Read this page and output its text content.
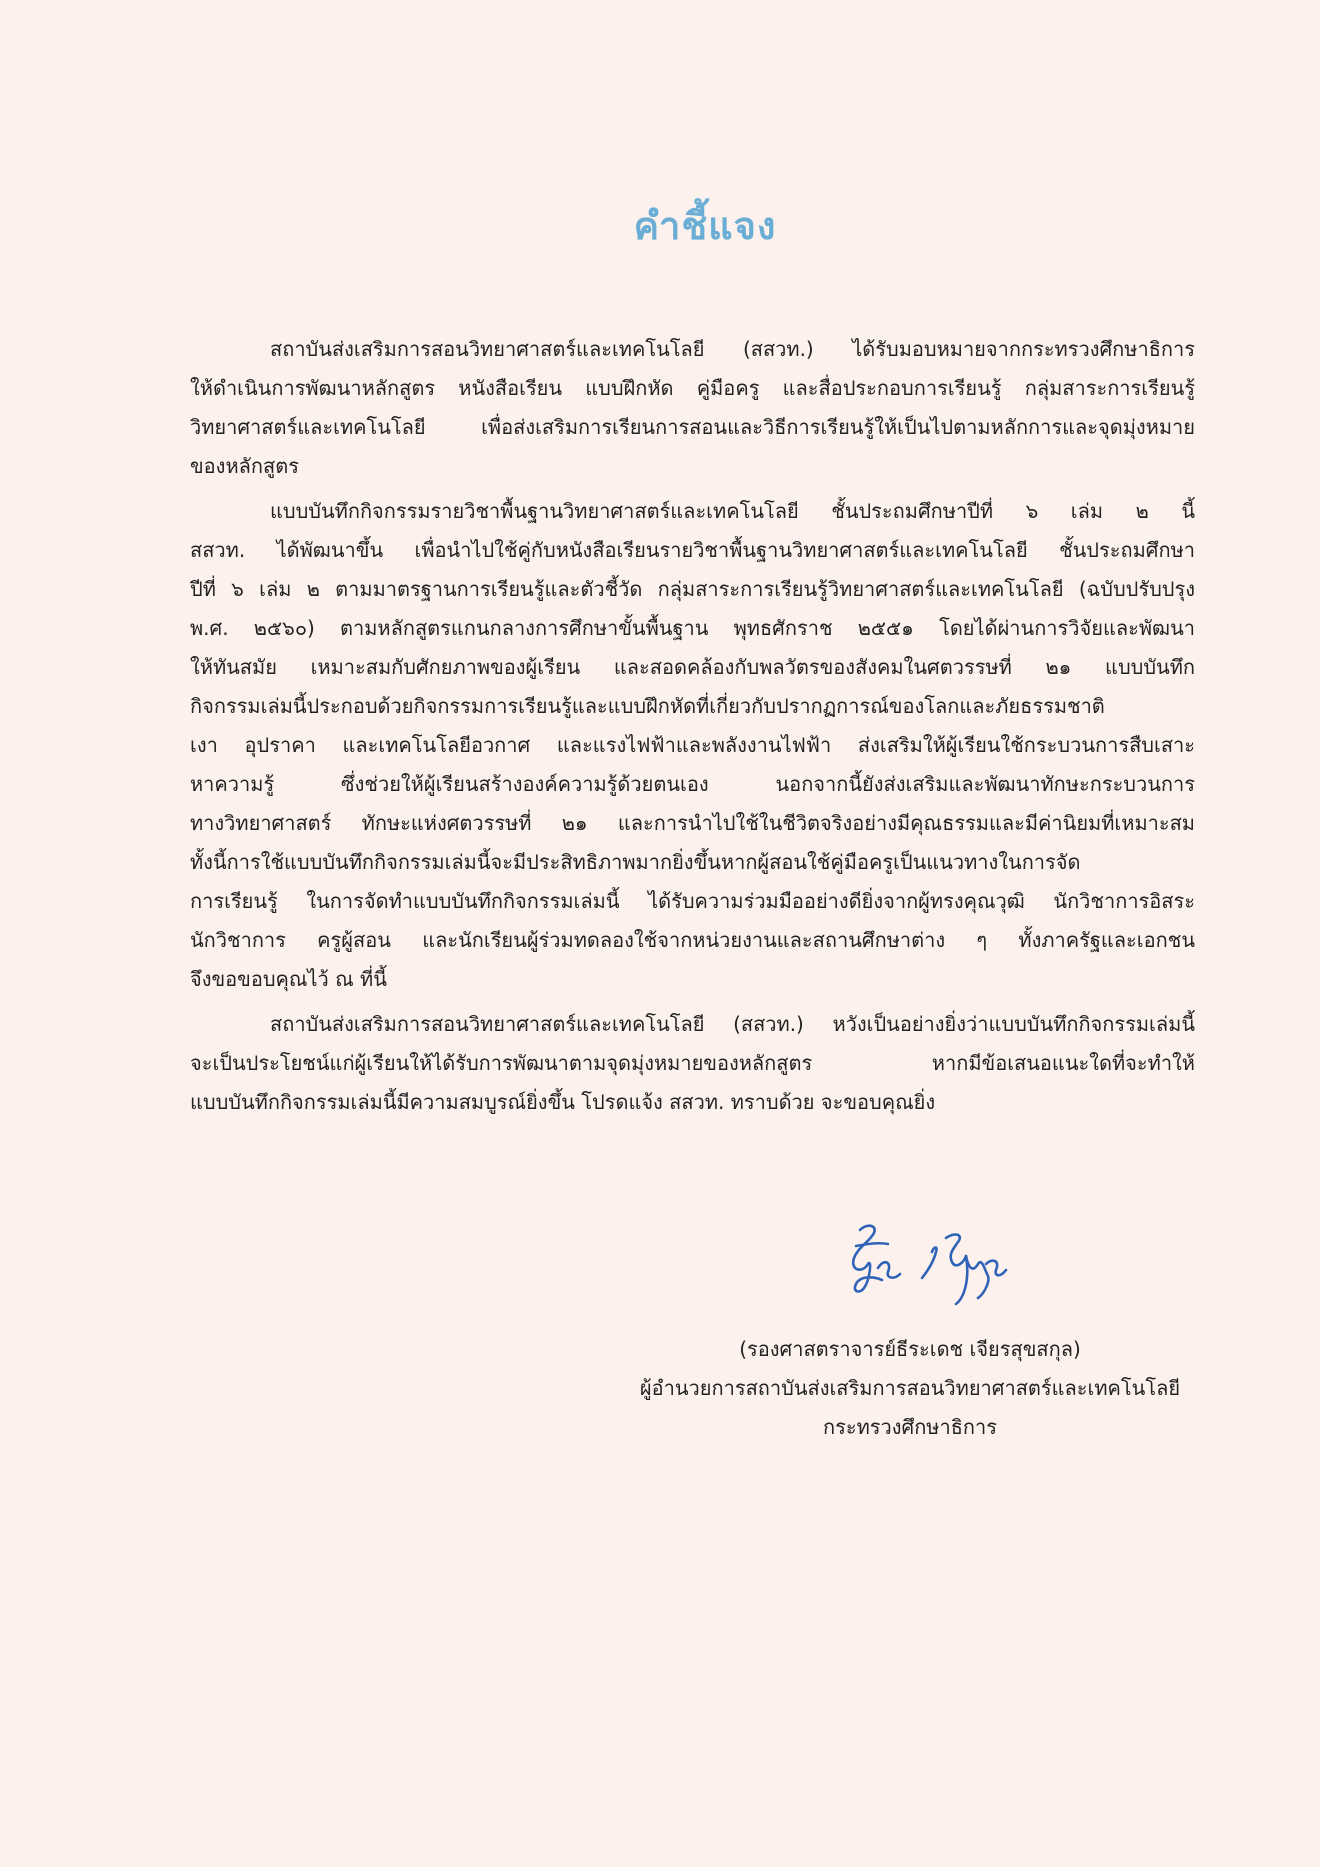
คำชี้แจง

สถาบันส่งเสริมการสอนวิทยาศาสตร์และเทคโนโลยี (สสวท.) ได้รับมอบหมายจากกระทรวงศึกษาธิการ
ให้ดำเนินการพัฒนาหลักสูตร หนังสือเรียน แบบฝึกหัด คู่มือครู และสื่อประกอบการเรียนรู้ กลุ่มสาระการเรียนรู้
วิทยาศาสตร์และเทคโนโลยี เพื่อส่งเสริมการเรียนการสอนและวิธีการเรียนรู้ให้เป็นไปตามหลักการและจุดมุ่งหมาย
ของหลักสูตร

แบบบันทึกกิจกรรมรายวิชาพื้นฐานวิทยาศาสตร์และเทคโนโลยี ชั้นประถมศึกษาปีที่ ๖ เล่ม ๒ นี้
สสวท. ได้พัฒนาขึ้น เพื่อนำไปใช้คู่กับหนังสือเรียนรายวิชาพื้นฐานวิทยาศาสตร์และเทคโนโลยี ชั้นประถมศึกษา
ปีที่ ๖ เล่ม ๒ ตามมาตรฐานการเรียนรู้และตัวชี้วัด กลุ่มสาระการเรียนรู้วิทยาศาสตร์และเทคโนโลยี (ฉบับปรับปรุง
พ.ศ. ๒๕๖๐) ตามหลักสูตรแกนกลางการศึกษาขั้นพื้นฐาน พุทธศักราช ๒๕๕๑ โดยได้ผ่านการวิจัยและพัฒนา
ให้ทันสมัย เหมาะสมกับศักยภาพของผู้เรียน และสอดคล้องกับพลวัตรของสังคมในศตวรรษที่ ๒๑ แบบบันทึก
กิจกรรมเล่มนี้ประกอบด้วยกิจกรรมการเรียนรู้และแบบฝึกหัดที่เกี่ยวกับปรากฏการณ์ของโลกและภัยธรรมชาติ
เงา อุปราคา และเทคโนโลยีอวกาศ และแรงไฟฟ้าและพลังงานไฟฟ้า ส่งเสริมให้ผู้เรียนใช้กระบวนการสืบเสาะ
หาความรู้ ซึ่งช่วยให้ผู้เรียนสร้างองค์ความรู้ด้วยตนเอง นอกจากนี้ยังส่งเสริมและพัฒนาทักษะกระบวนการ
ทางวิทยาศาสตร์ ทักษะแห่งศตวรรษที่ ๒๑ และการนำไปใช้ในชีวิตจริงอย่างมีคุณธรรมและมีค่านิยมที่เหมาะสม
ทั้งนี้การใช้แบบบันทึกกิจกรรมเล่มนี้จะมีประสิทธิภาพมากยิ่งขึ้นหากผู้สอนใช้คู่มือครูเป็นแนวทางในการจัด
การเรียนรู้ ในการจัดทำแบบบันทึกกิจกรรมเล่มนี้ ได้รับความร่วมมืออย่างดียิ่งจากผู้ทรงคุณวุฒิ นักวิชาการอิสระ
นักวิชาการ ครูผู้สอน และนักเรียนผู้ร่วมทดลองใช้จากหน่วยงานและสถานศึกษาต่าง ๆ ทั้งภาครัฐและเอกชน
จึงขอขอบคุณไว้ ณ ที่นี้

สถาบันส่งเสริมการสอนวิทยาศาสตร์และเทคโนโลยี (สสวท.) หวังเป็นอย่างยิ่งว่าแบบบันทึกกิจกรรมเล่มนี้
จะเป็นประโยชน์แก่ผู้เรียนให้ได้รับการพัฒนาตามจุดมุ่งหมายของหลักสูตร หากมีข้อเสนอแนะใดที่จะทำให้
แบบบันทึกกิจกรรมเล่มนี้มีความสมบูรณ์ยิ่งขึ้น โปรดแจ้ง สสวท. ทราบด้วย จะขอบคุณยิ่ง

(รองศาสตราจารย์ธีระเดช เจียรสุขสกุล)
ผู้อำนวยการสถาบันส่งเสริมการสอนวิทยาศาสตร์และเทคโนโลยี
กระทรวงศึกษาธิการ
